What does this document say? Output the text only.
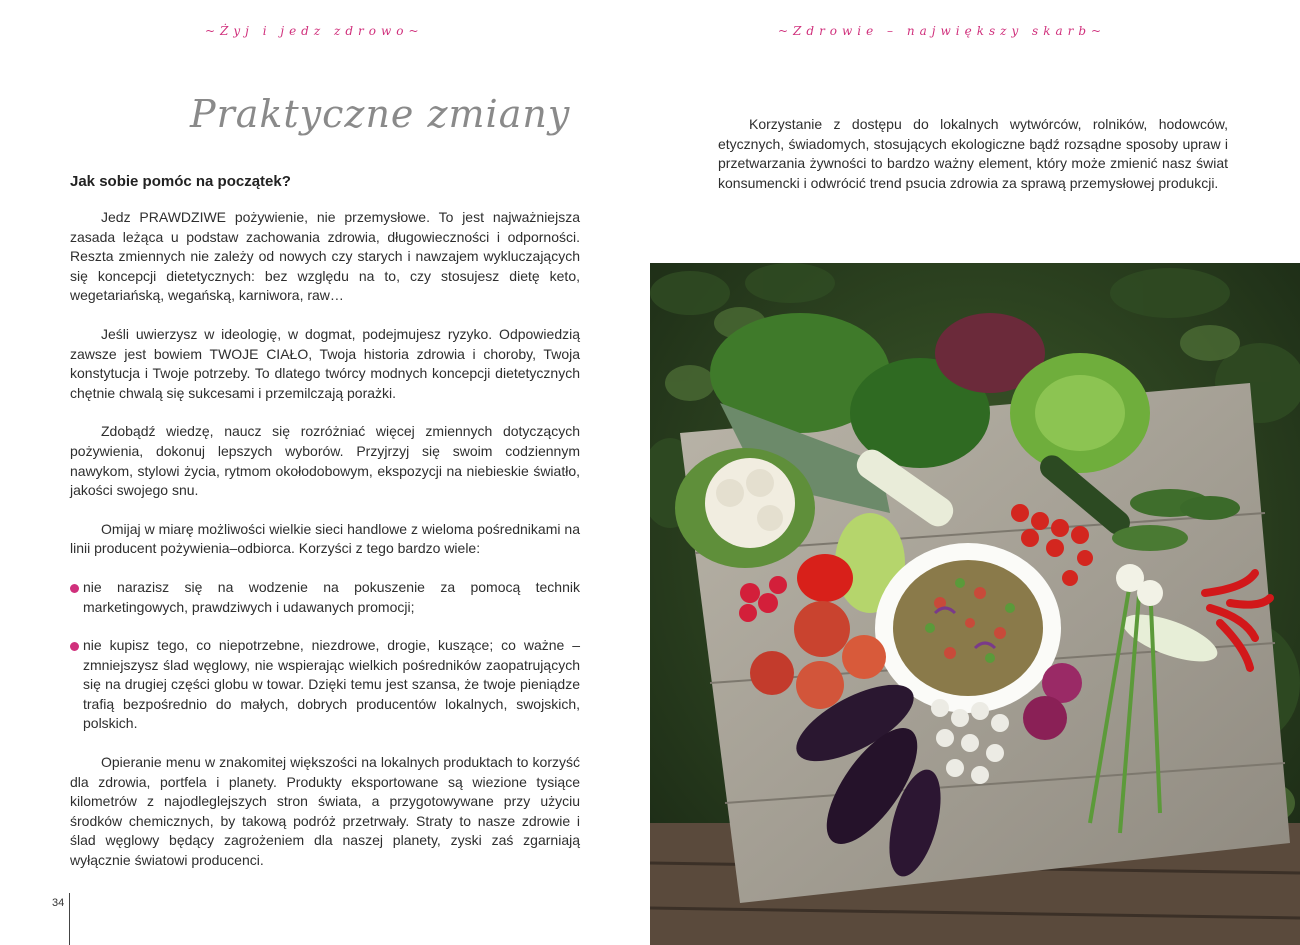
~Żyj i jedz zdrowo~	~Zdrowie – największy skarb~
Praktyczne zmiany
Jak sobie pomóc na początek?

Jedz PRAWDZIWE pożywienie, nie przemysłowe. To jest najważniejsza zasada leżąca u podstaw zachowania zdrowia, długowieczności i odporności. Reszta zmiennych nie zależy od nowych czy starych i nawzajem wykluczających się koncepcji dietetycznych: bez względu na to, czy stosujesz dietę keto, wegetariańską, wegańską, karniwora, raw…

Jeśli uwierzysz w ideologię, w dogmat, podejmujesz ryzyko. Odpowiedzią zawsze jest bowiem TWOJE CIAŁO, Twoja historia zdrowia i choroby, Twoja konstytucja i Twoje potrzeby. To dlatego twórcy modnych koncepcji dietetycznych chętnie chwalą się sukcesami i przemilczają porażki.

Zdobądź wiedzę, naucz się rozróżniać więcej zmiennych dotyczących pożywienia, dokonuj lepszych wyborów. Przyjrzyj się swoim codziennym nawykom, stylowi życia, rytmom okołodobowym, ekspozycji na niebieskie światło, jakości swojego snu.

Omijaj w miarę możliwości wielkie sieci handlowe z wieloma pośrednikami na linii producent pożywienia–odbiorca. Korzyści z tego bardzo wiele:

nie narazisz się na wodzenie na pokuszenie za pomocą technik marketingowych, prawdziwych i udawanych promocji;

nie kupisz tego, co niepotrzebne, niezdrowe, drogie, kuszące; co ważne – zmniejszysz ślad węglowy, nie wspierając wielkich pośredników zaopatrujących się na drugiej części globu w towar. Dzięki temu jest szansa, że twoje pieniądze trafią bezpośrednio do małych, dobrych producentów lokalnych, swojskich, polskich.

Opieranie menu w znakomitej większości na lokalnych produktach to korzyść dla zdrowia, portfela i planety. Produkty eksportowane są wiezione tysiące kilometrów z najodleglejszych stron świata, a przygotowywane przy użyciu środków chemicznych, by takową podróż przetrwały. Straty to nasze zdrowie i ślad węglowy będący zagrożeniem dla naszej planety, zyski zaś zgarniają wyłącznie światowi producenci.

Korzystanie z dostępu do lokalnych wytwórców, rolników, hodowców, etycznych, świadomych, stosujących ekologiczne bądź rozsądne sposoby upraw i przetwarzania żywności to bardzo ważny element, który może zmienić nasz świat konsumencki i odwrócić trend psucia zdrowia za sprawą przemysłowej produkcji.

34
